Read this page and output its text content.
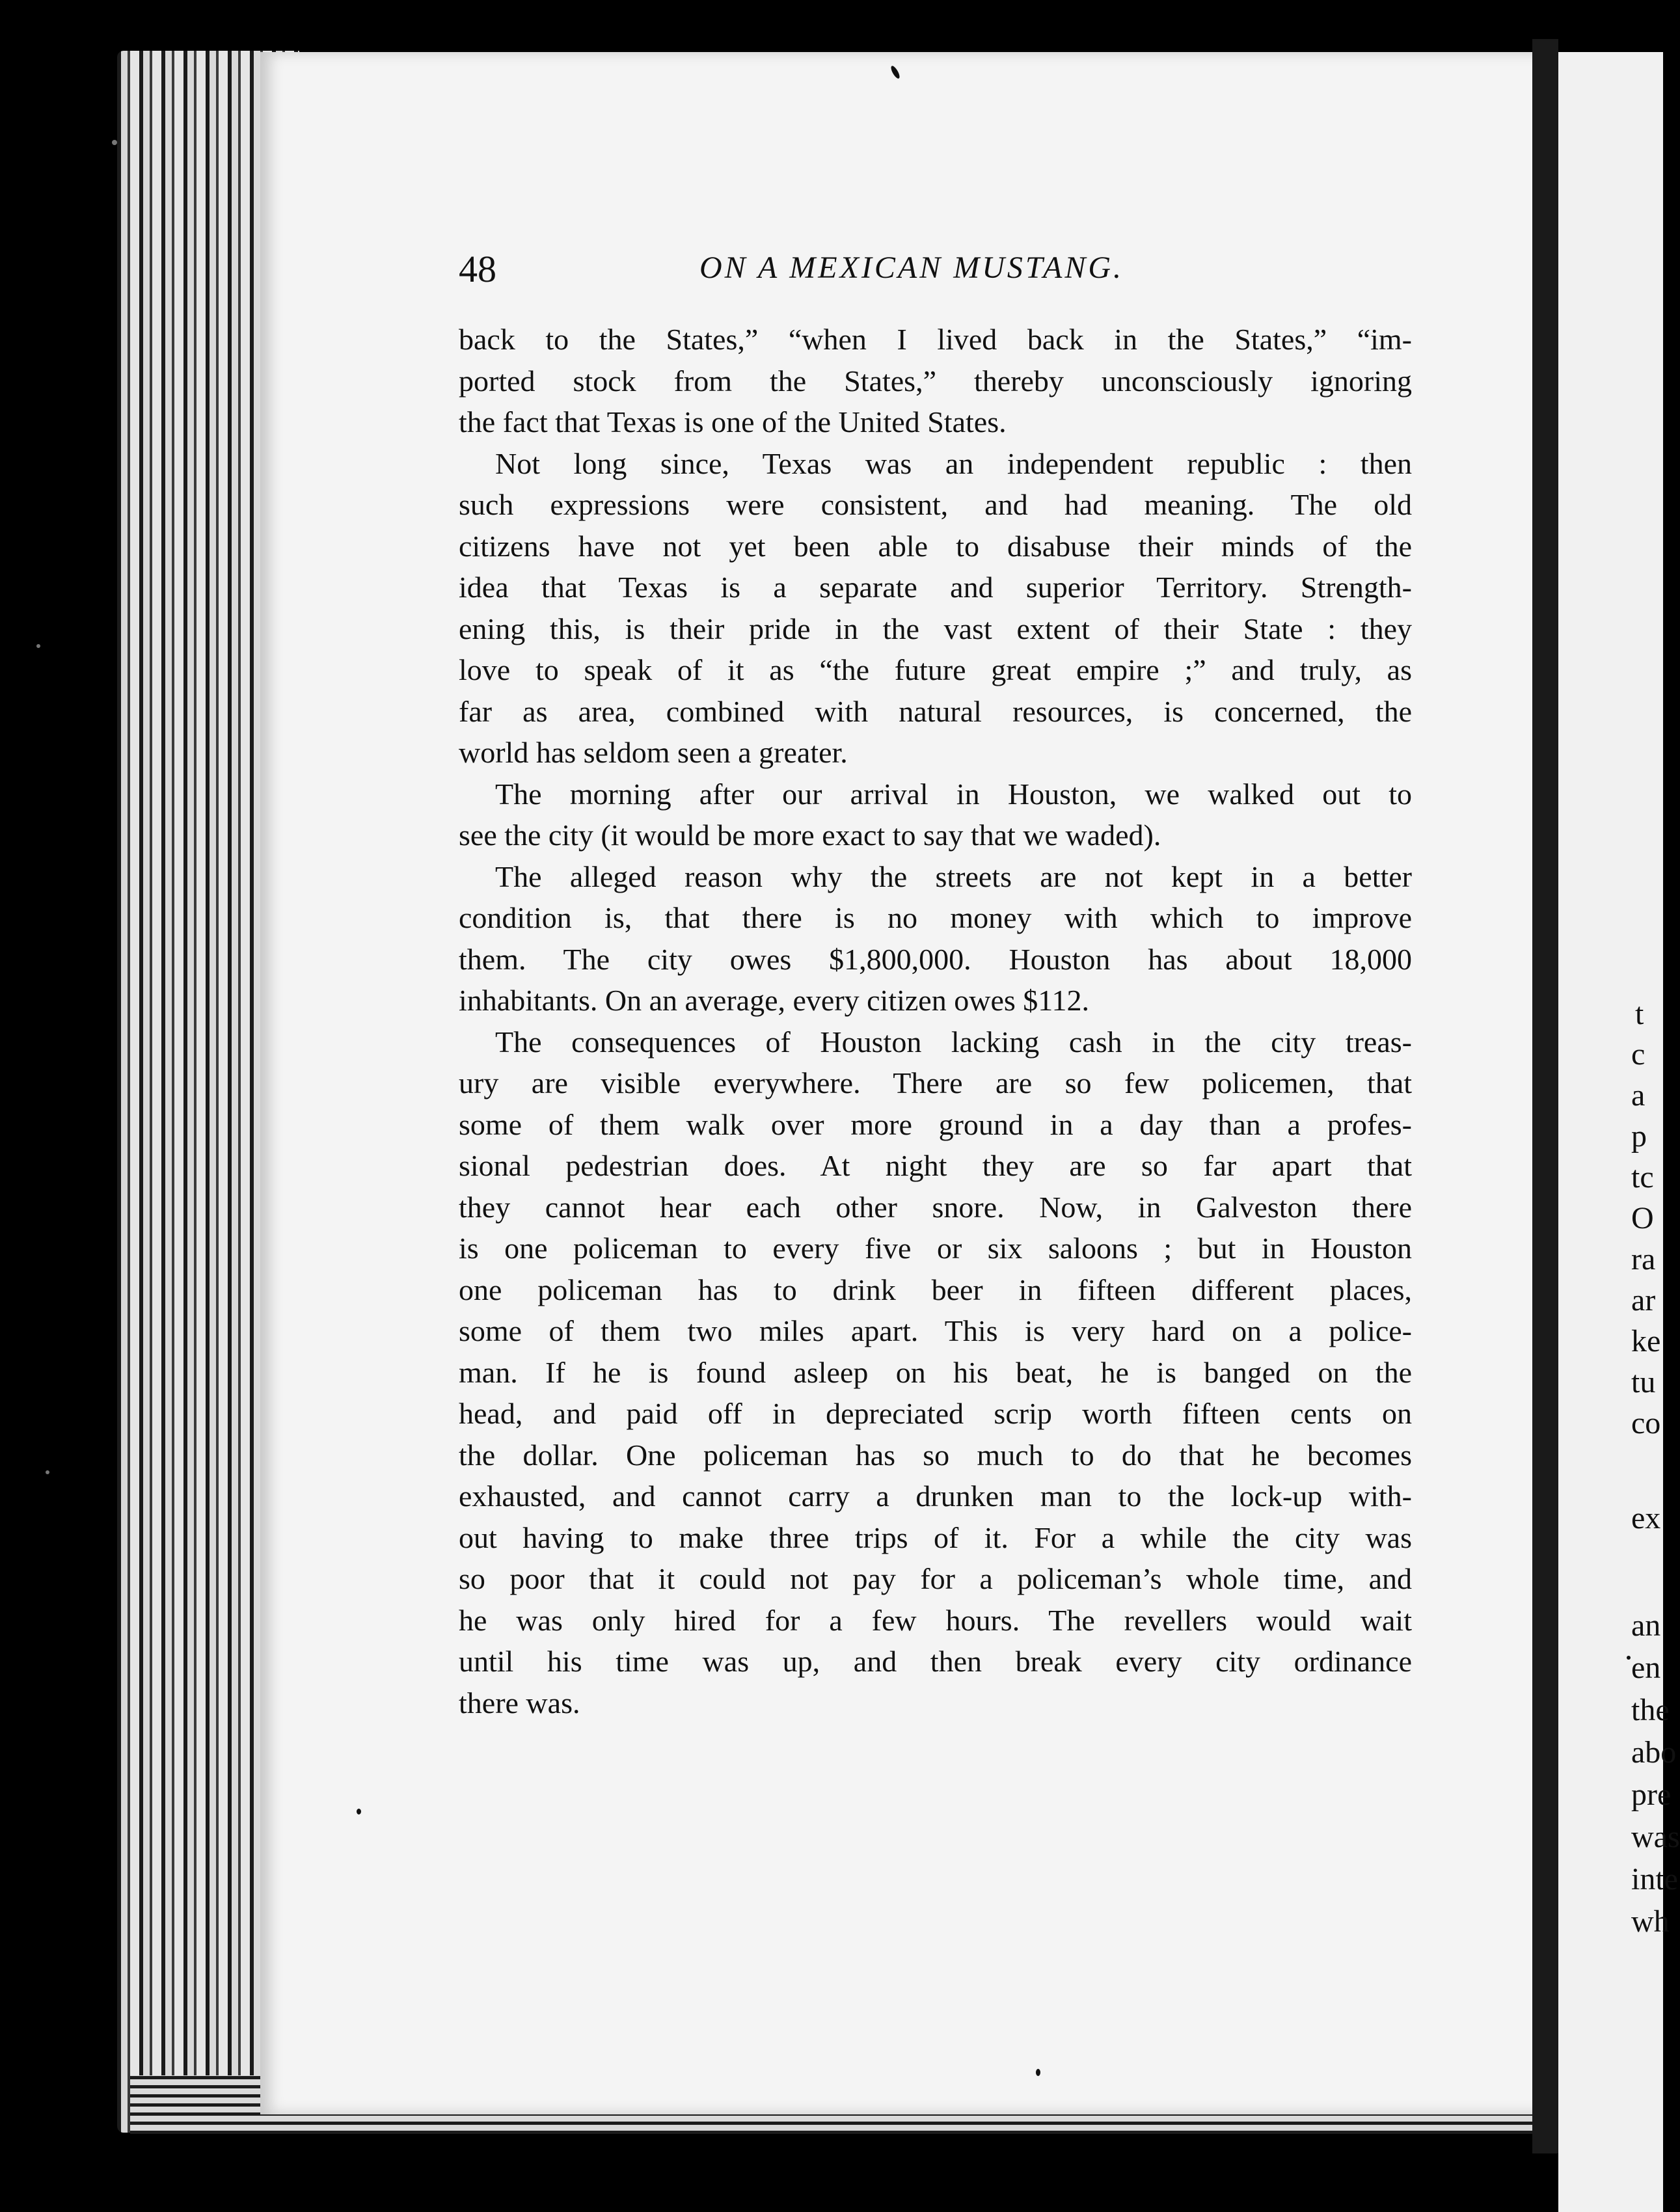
t
c
a
p
tc
O
ra
ar
ke
tu
co
ex
an
en
the
abo
pre
was
inte
wh
48	ON A MEXICAN MUSTANG.
back to the States,” “when I lived back in the States,” “im-
ported stock from the States,” thereby unconsciously ignoring
the fact that Texas is one of the United States.
Not long since, Texas was an independent republic : then
such expressions were consistent, and had meaning. The old
citizens have not yet been able to disabuse their minds of the
idea that Texas is a separate and superior Territory. Strength-
ening this, is their pride in the vast extent of their State : they
love to speak of it as “the future great empire ;” and truly, as
far as area, combined with natural resources, is concerned, the
world has seldom seen a greater.
The morning after our arrival in Houston, we walked out to
see the city (it would be more exact to say that we waded).
The alleged reason why the streets are not kept in a better
condition is, that there is no money with which to improve
them. The city owes $1,800,000. Houston has about 18,000
inhabitants. On an average, every citizen owes $112.
The consequences of Houston lacking cash in the city treas-
ury are visible everywhere. There are so few policemen, that
some of them walk over more ground in a day than a profes-
sional pedestrian does. At night they are so far apart that
they cannot hear each other snore. Now, in Galveston there
is one policeman to every five or six saloons ; but in Houston
one policeman has to drink beer in fifteen different places,
some of them two miles apart. This is very hard on a police-
man. If he is found asleep on his beat, he is banged on the
head, and paid off in depreciated scrip worth fifteen cents on
the dollar. One policeman has so much to do that he becomes
exhausted, and cannot carry a drunken man to the lock-up with-
out having to make three trips of it. For a while the city was
so poor that it could not pay for a policeman’s whole time, and
he was only hired for a few hours. The revellers would wait
until his time was up, and then break every city ordinance
there was.
